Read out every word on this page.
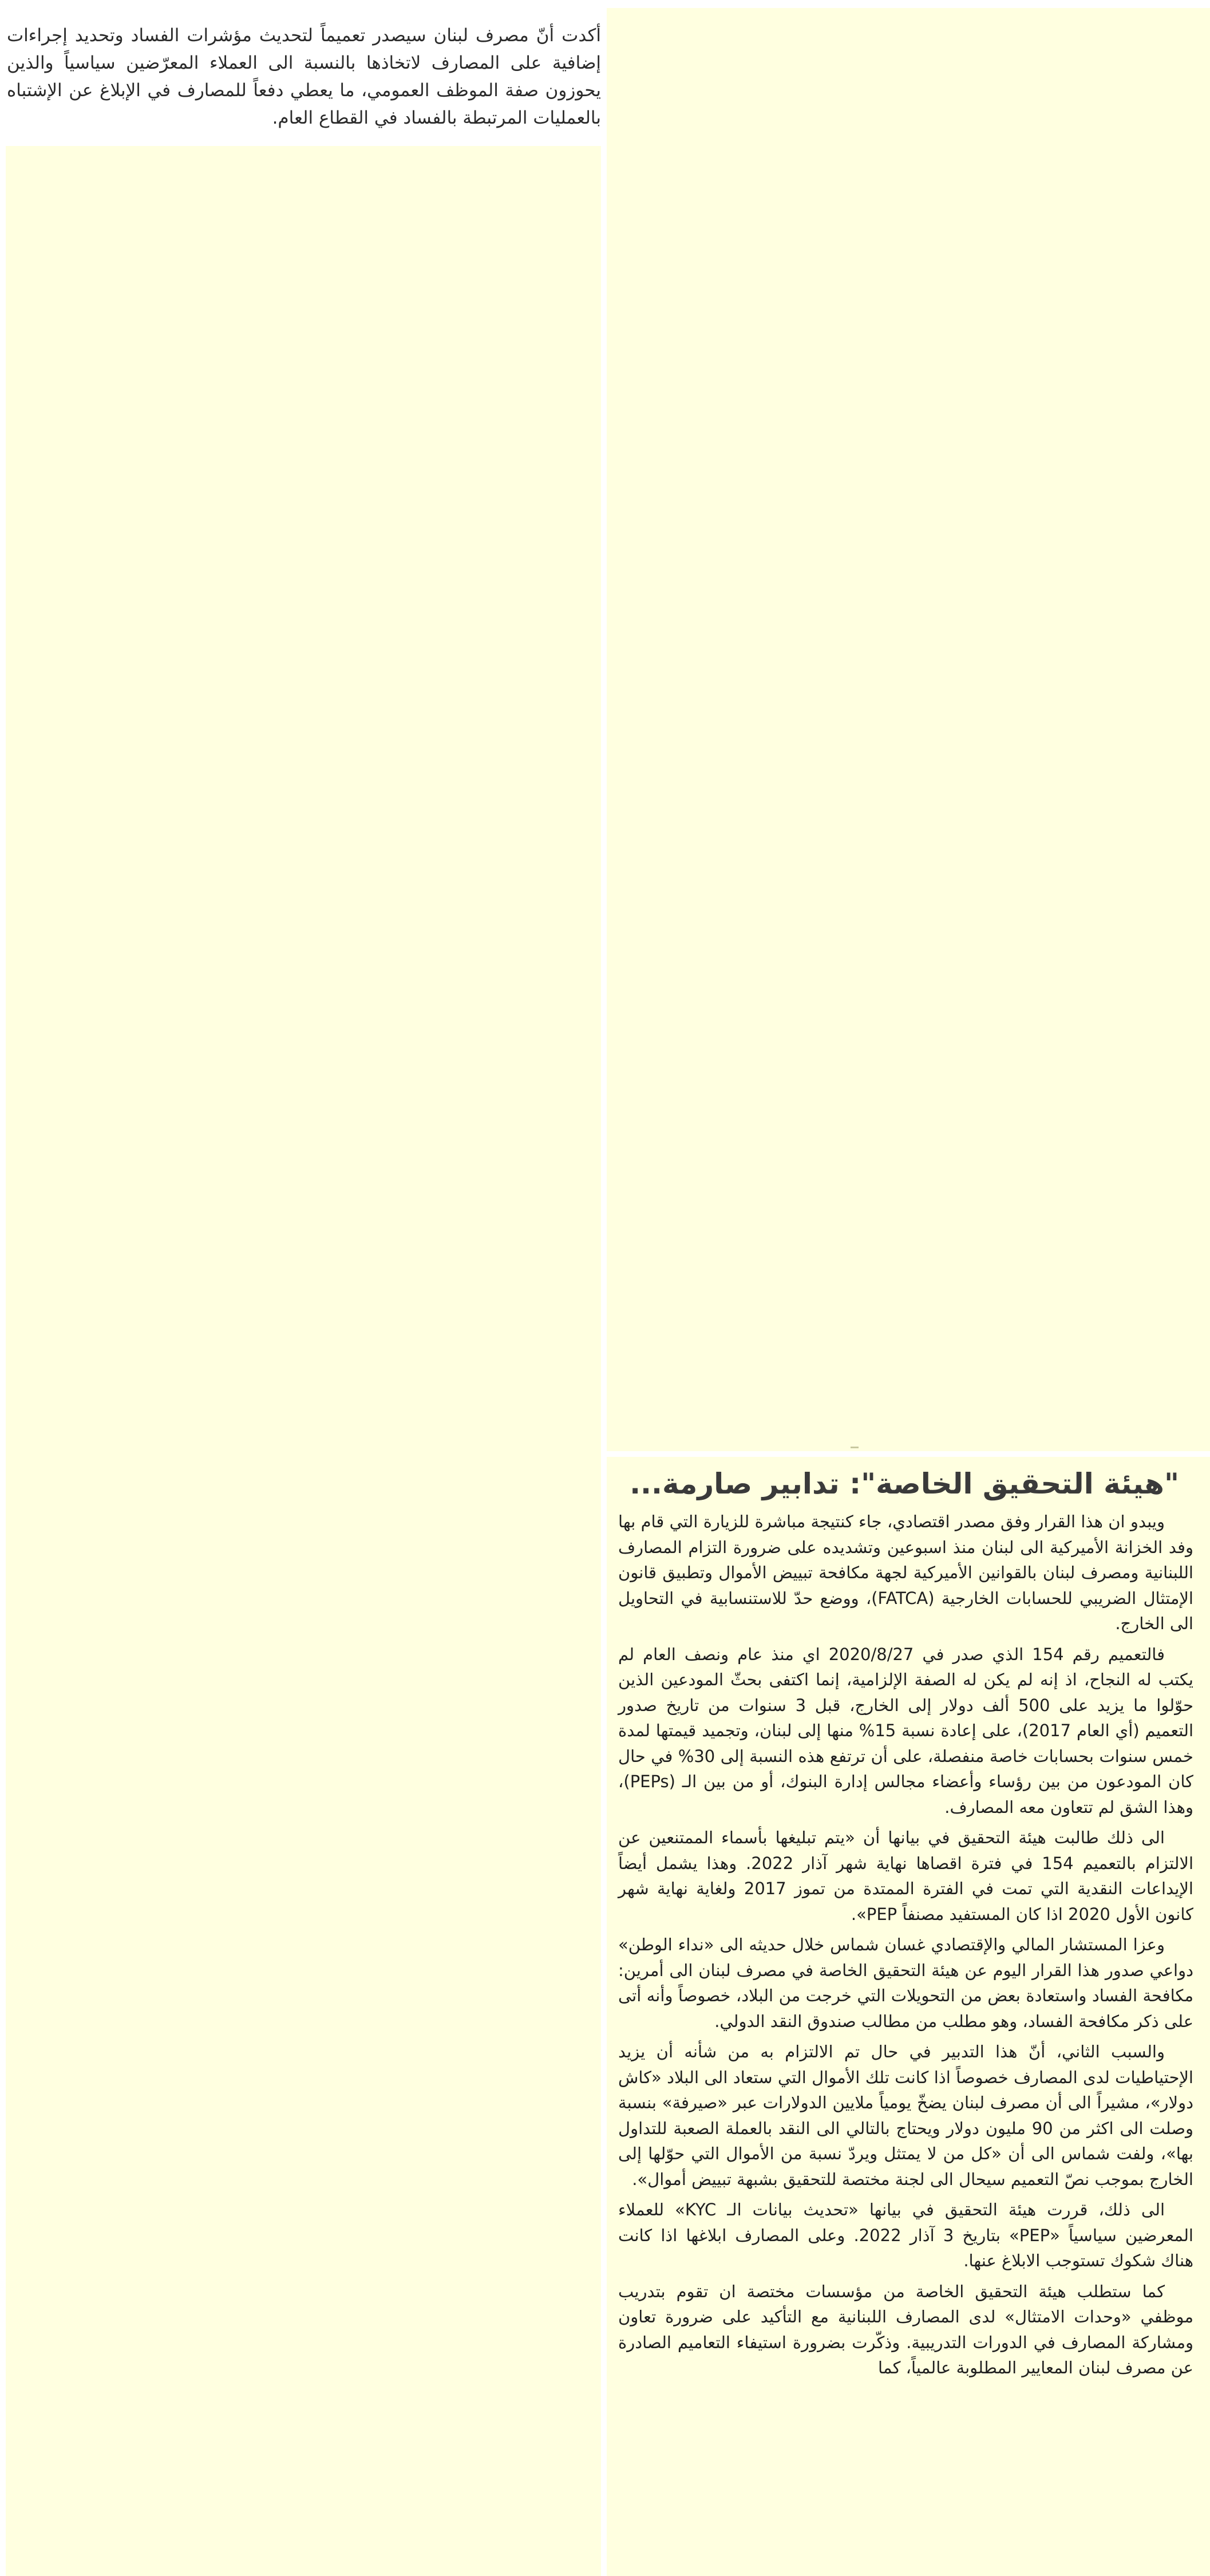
أكدت أنّ مصرف لبنان سيصدر تعميماً لتحديث مؤشرات الفساد وتحديد إجراءات إضافية على المصارف لاتخاذها بالنسبة الى العملاء المعرّضين سياسياً والذين يحوزون صفة الموظف العمومي، ما يعطي دفعاً للمصارف في الإبلاغ عن الإشتباه بالعمليات المرتبطة بالفساد في القطاع العام.

"هيئة التحقيق الخاصة": تدابير صارمة...

ويبدو ان هذا القرار وفق مصدر اقتصادي، جاء كنتيجة مباشرة للزيارة التي قام بها وفد الخزانة الأميركية الى لبنان منذ اسبوعين وتشديده على ضرورة التزام المصارف اللبنانية ومصرف لبنان بالقوانين الأميركية لجهة مكافحة تبييض الأموال وتطبيق قانون الإمتثال الضريبي للحسابات الخارجية (FATCA)، ووضع حدّ للاستنسابية في التحاويل الى الخارج.

فالتعميم رقم 154 الذي صدر في 2020/8/27 اي منذ عام ونصف العام لم يكتب له النجاح، اذ إنه لم يكن له الصفة الإلزامية، إنما اكتفى بحثّ المودعين الذين حوّلوا ما يزيد على 500 ألف دولار إلى الخارج، قبل 3 سنوات من تاريخ صدور التعميم (أي العام 2017)، على إعادة نسبة 15% منها إلى لبنان، وتجميد قيمتها لمدة خمس سنوات بحسابات خاصة منفصلة، على أن ترتفع هذه النسبة إلى 30% في حال كان المودعون من بين رؤساء وأعضاء مجالس إدارة البنوك، أو من بين الـ (PEPs)، وهذا الشق لم تتعاون معه المصارف.

الى ذلك طالبت هيئة التحقيق في بيانها أن «يتم تبليغها بأسماء الممتنعين عن الالتزام بالتعميم 154 في فترة اقصاها نهاية شهر آذار 2022. وهذا يشمل أيضاً الإيداعات النقدية التي تمت في الفترة الممتدة من تموز 2017 ولغاية نهاية شهر كانون الأول 2020 اذا كان المستفيد مصنفاً PEP».

وعزا المستشار المالي والإقتصادي غسان شماس خلال حديثه الى «نداء الوطن» دواعي صدور هذا القرار اليوم عن هيئة التحقيق الخاصة في مصرف لبنان الى أمرين: مكافحة الفساد واستعادة بعض من التحويلات التي خرجت من البلاد، خصوصاً وأنه أتى على ذكر مكافحة الفساد، وهو مطلب من مطالب صندوق النقد الدولي.

والسبب الثاني، أنّ هذا التدبير في حال تم الالتزام به من شأنه أن يزيد الإحتياطيات لدى المصارف خصوصاً اذا كانت تلك الأموال التي ستعاد الى البلاد «كاش دولار»، مشيراً الى أن مصرف لبنان يضخّ يومياً ملايين الدولارات عبر «صيرفة» بنسبة وصلت الى اكثر من 90 مليون دولار ويحتاج بالتالي الى النقد بالعملة الصعبة للتداول بها»، ولفت شماس الى أن «كل من لا يمتثل ويردّ نسبة من الأموال التي حوّلها إلى الخارج بموجب نصّ التعميم سيحال الى لجنة مختصة للتحقيق بشبهة تبييض أموال».

الى ذلك، قررت هيئة التحقيق في بيانها «تحديث بيانات الـ KYC» للعملاء المعرضين سياسياً «PEP» بتاريخ 3 آذار 2022. وعلى المصارف ابلاغها اذا كانت هناك شكوك تستوجب الابلاغ عنها.

كما ستطلب هيئة التحقيق الخاصة من مؤسسات مختصة ان تقوم بتدريب موظفي «وحدات الامتثال» لدى المصارف اللبنانية مع التأكيد على ضرورة تعاون ومشاركة المصارف في الدورات التدريبية. وذكّرت بضرورة استيفاء التعاميم الصادرة عن مصرف لبنان المعايير المطلوبة عالمياً، كما
